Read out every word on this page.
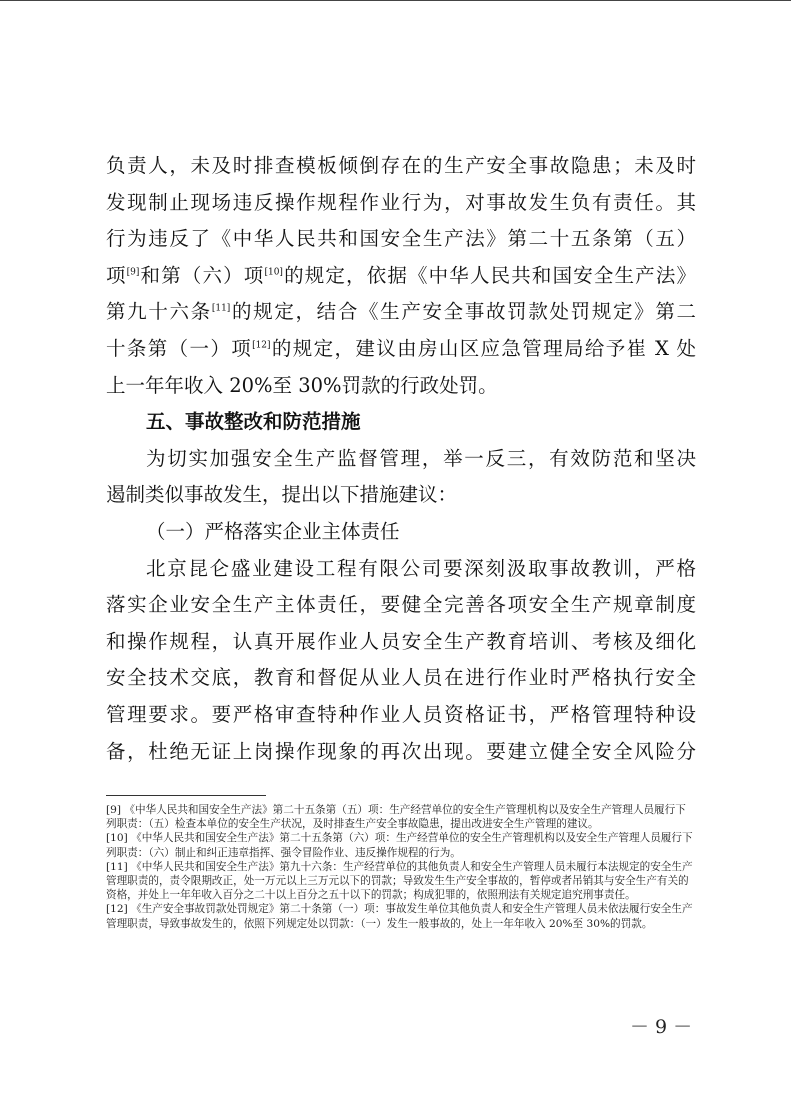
负责人，未及时排查模板倾倒存在的生产安全事故隐患；未及时
发现制止现场违反操作规程作业行为，对事故发生负有责任。其
行为违反了《中华人民共和国安全生产法》第二十五条第（五）
项[9]和第（六）项[10]的规定，依据《中华人民共和国安全生产法》
第九十六条[11]的规定，结合《生产安全事故罚款处罚规定》第二
十条第（一）项[12]的规定，建议由房山区应急管理局给予崔 X 处
上一年年收入 20%至 30%罚款的行政处罚。
五、事故整改和防范措施
为切实加强安全生产监督管理，举一反三，有效防范和坚决
遏制类似事故发生，提出以下措施建议：
（一）严格落实企业主体责任
北京昆仑盛业建设工程有限公司要深刻汲取事故教训，严格
落实企业安全生产主体责任，要健全完善各项安全生产规章制度
和操作规程，认真开展作业人员安全生产教育培训、考核及细化
安全技术交底，教育和督促从业人员在进行作业时严格执行安全
管理要求。要严格审查特种作业人员资格证书，严格管理特种设
备，杜绝无证上岗操作现象的再次出现。要建立健全安全风险分
[9] 《中华人民共和国安全生产法》第二十五条第（五）项：生产经营单位的安全生产管理机构以及安全生产管理人员履行下列职责：（五）检查本单位的安全生产状况，及时排查生产安全事故隐患，提出改进安全生产管理的建议。
[10] 《中华人民共和国安全生产法》第二十五条第（六）项：生产经营单位的安全生产管理机构以及安全生产管理人员履行下列职责：（六）制止和纠正违章指挥、强令冒险作业、违反操作规程的行为。
[11] 《中华人民共和国安全生产法》第九十六条：生产经营单位的其他负责人和安全生产管理人员未履行本法规定的安全生产管理职责的，责令限期改正，处一万元以上三万元以下的罚款；导致发生生产安全事故的，暂停或者吊销其与安全生产有关的资格，并处上一年年收入百分之二十以上百分之五十以下的罚款；构成犯罪的，依照刑法有关规定追究刑事责任。
[12] 《生产安全事故罚款处罚规定》第二十条第（一）项：事故发生单位其他负责人和安全生产管理人员未依法履行安全生产管理职责，导致事故发生的，依照下列规定处以罚款：（一）发生一般事故的，处上一年年收入 20%至 30%的罚款。
－ 9 －
